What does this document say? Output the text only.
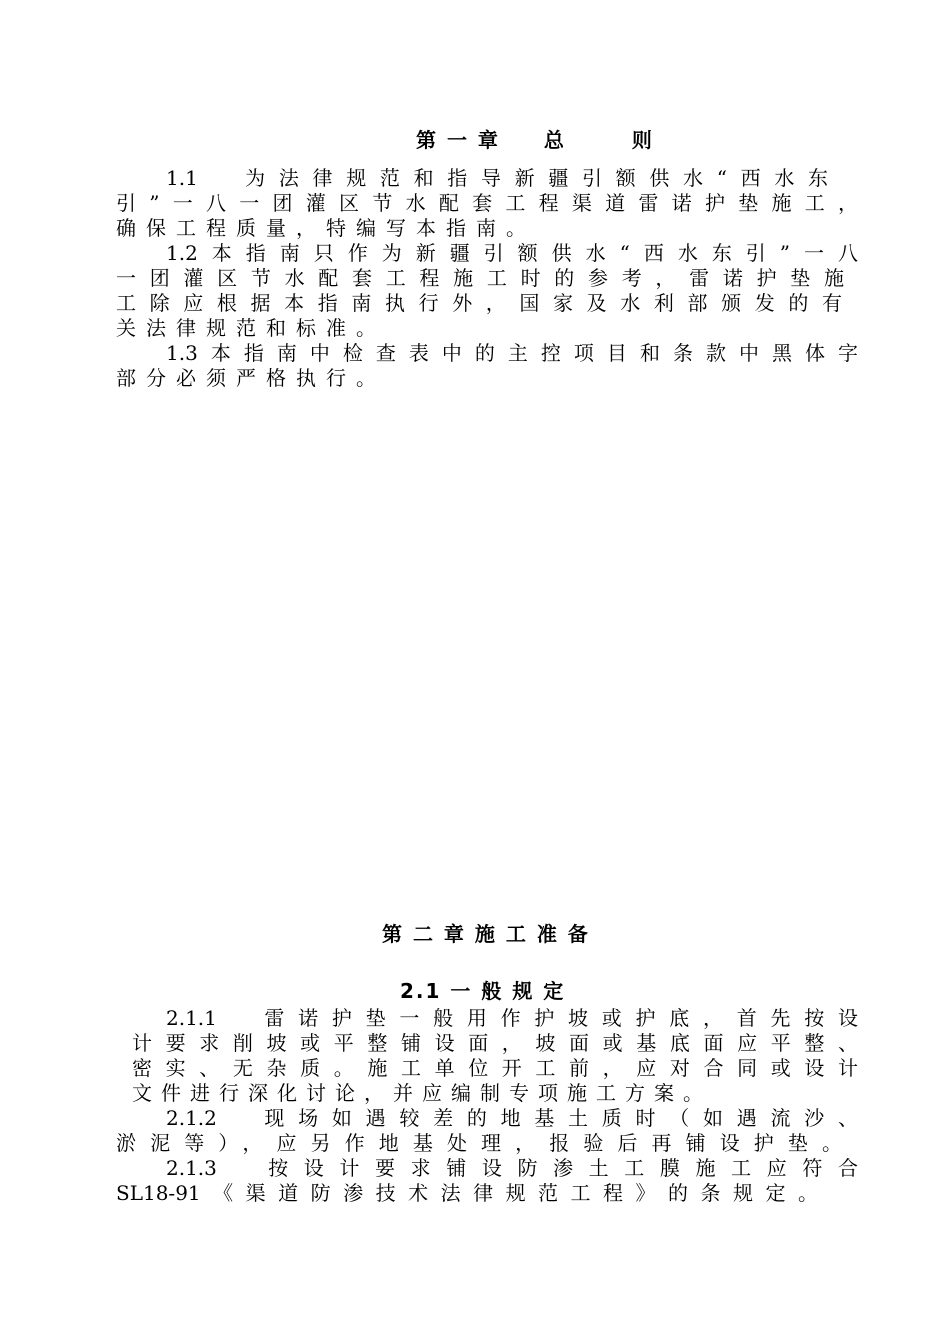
第 一 章　　总　　　则
1.1　为法律规范和指导新疆引额供水“西水东
引”一八一团灌区节水配套工程渠道雷诺护垫施工，
确保工程质量，特编写本指南。
1.2本指南只作为新疆引额供水“西水东引”一八
一团灌区节水配套工程施工时的参考，雷诺护垫施
工除应根据本指南执行外，国家及水利部颁发的有
关法律规范和标准。
1.3本指南中检查表中的主控项目和条款中黑体字
部分必须严格执行。
第 二 章 施 工 准 备
2.1 一 般 规 定
2.1.1　雷诺护垫一般用作护坡或护底，首先按设
计要求削坡或平整铺设面，坡面或基底面应平整、
密实、无杂质。施工单位开工前，应对合同或设计
文件进行深化讨论，并应编制专项施工方案。
2.1.2　现场如遇较差的地基土质时（如遇流沙、
淤泥等），应另作地基处理，报验后再铺设护垫。
2.1.3　按设计要求铺设防渗土工膜施工应符合
SL18-91《渠道防渗技术法律规范工程》的条规定。
